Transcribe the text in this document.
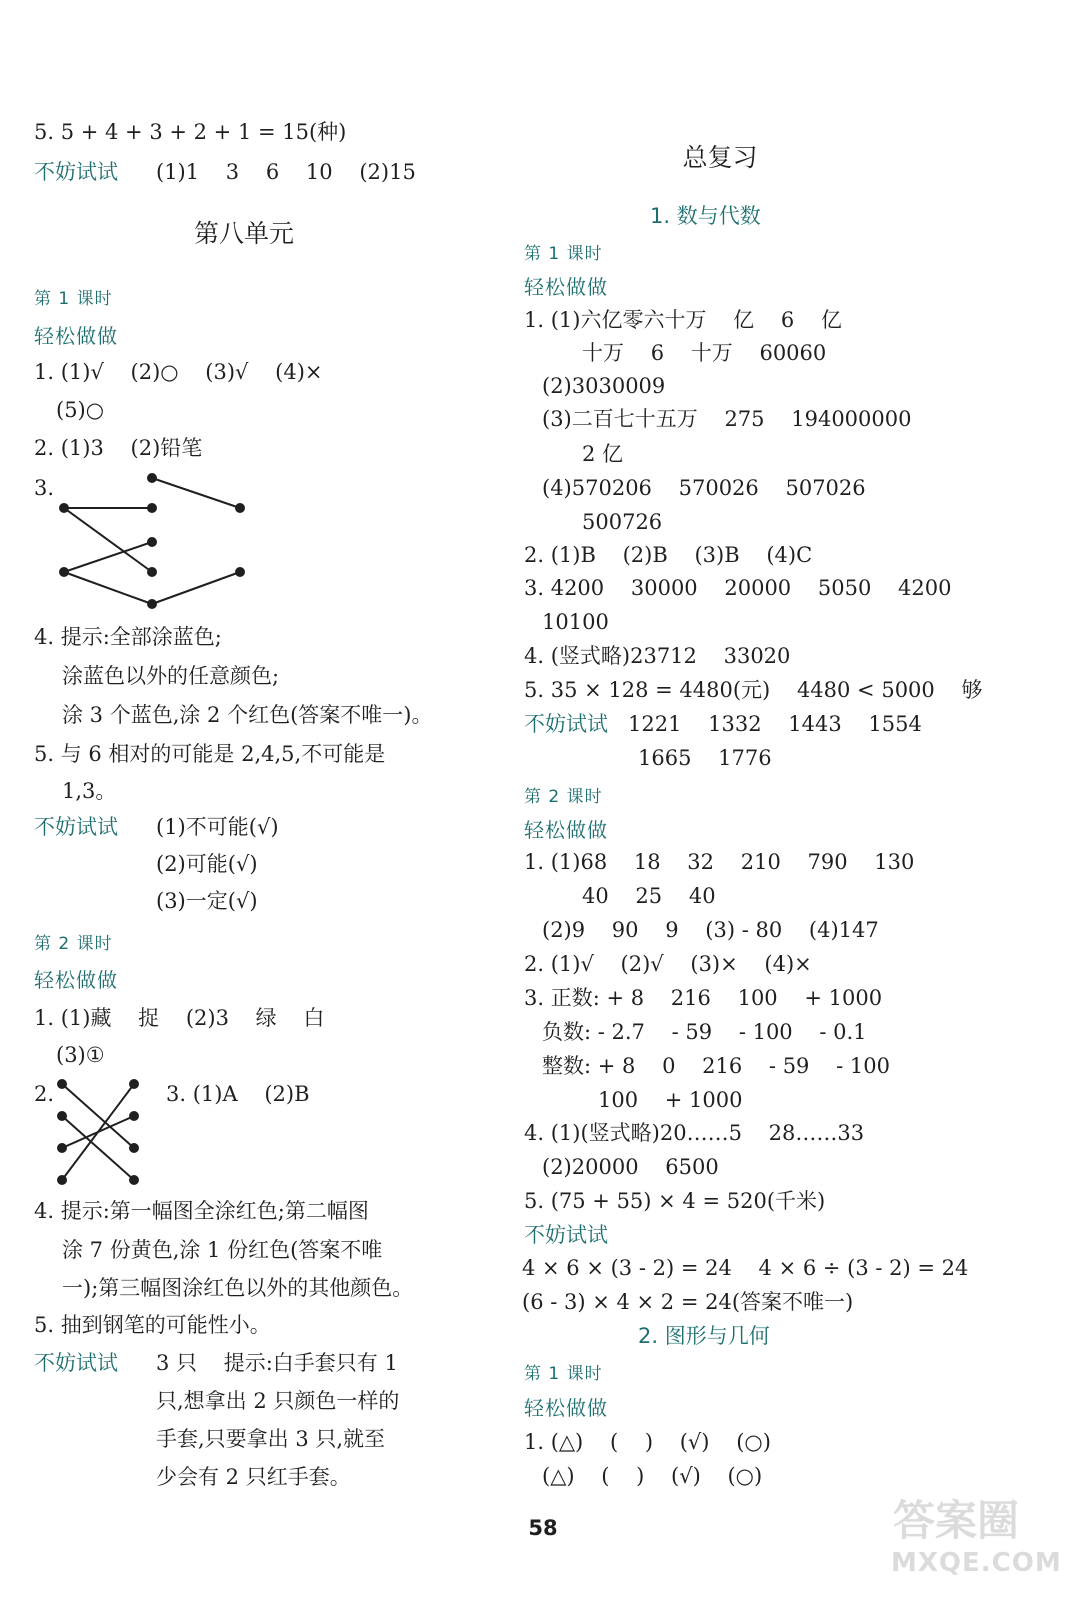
5. 5 + 4 + 3 + 2 + 1 = 15(种)
不妨试试 (1)1    3    6    10    (2)15
第八单元
第 1 课时
轻松做做
1. (1)√    (2)○    (3)√    (4)×
(5)○
2. (1)3    (2)铅笔
3.
4. 提示:全部涂蓝色;
涂蓝色以外的任意颜色;
涂 3 个蓝色,涂 2 个红色(答案不唯一)。
5. 与 6 相对的可能是 2,4,5,不可能是
1,3。
不妨试试 (1)不可能(√)
(2)可能(√)
(3)一定(√)
第 2 课时
轻松做做
1. (1)藏    捉    (2)3    绿    白
(3)①
2.	3. (1)A    (2)B
4. 提示:第一幅图全涂红色;第二幅图
涂 7 份黄色,涂 1 份红色(答案不唯
一);第三幅图涂红色以外的其他颜色。
5. 抽到钢笔的可能性小。
不妨试试 3 只    提示:白手套只有 1
只,想拿出 2 只颜色一样的
手套,只要拿出 3 只,就至
少会有 2 只红手套。
总复习
1. 数与代数
第 1 课时
轻松做做
1. (1)六亿零六十万    亿    6    亿
十万    6    十万    60060
(2)3030009
(3)二百七十五万    275    194000000
2 亿
(4)570206    570026    507026
500726
2. (1)B    (2)B    (3)B    (4)C
3. 4200    30000    20000    5050    4200
10100
4. (竖式略)23712    33020
5. 35 × 128 = 4480(元)    4480 < 5000    够
不妨试试 1221    1332    1443    1554
1665    1776
第 2 课时
轻松做做
1. (1)68    18    32    210    790    130
40    25    40
(2)9    90    9    (3) - 80    (4)147
2. (1)√    (2)√    (3)×    (4)×
3. 正数: + 8    216    100    + 1000
负数: - 2.7    - 59    - 100    - 0.1
整数: + 8    0    216    - 59    - 100
100    + 1000
4. (1)(竖式略)20……5    28……33
(2)20000    6500
5. (75 + 55) × 4 = 520(千米)
不妨试试
4 × 6 × (3 - 2) = 24    4 × 6 ÷ (3 - 2) = 24
(6 - 3) × 4 × 2 = 24(答案不唯一)
2. 图形与几何
第 1 课时
轻松做做
1. (△)    (    )    (√)    (○)
(△)    (    )    (√)    (○)
58	答案圈
MXQE.COM
